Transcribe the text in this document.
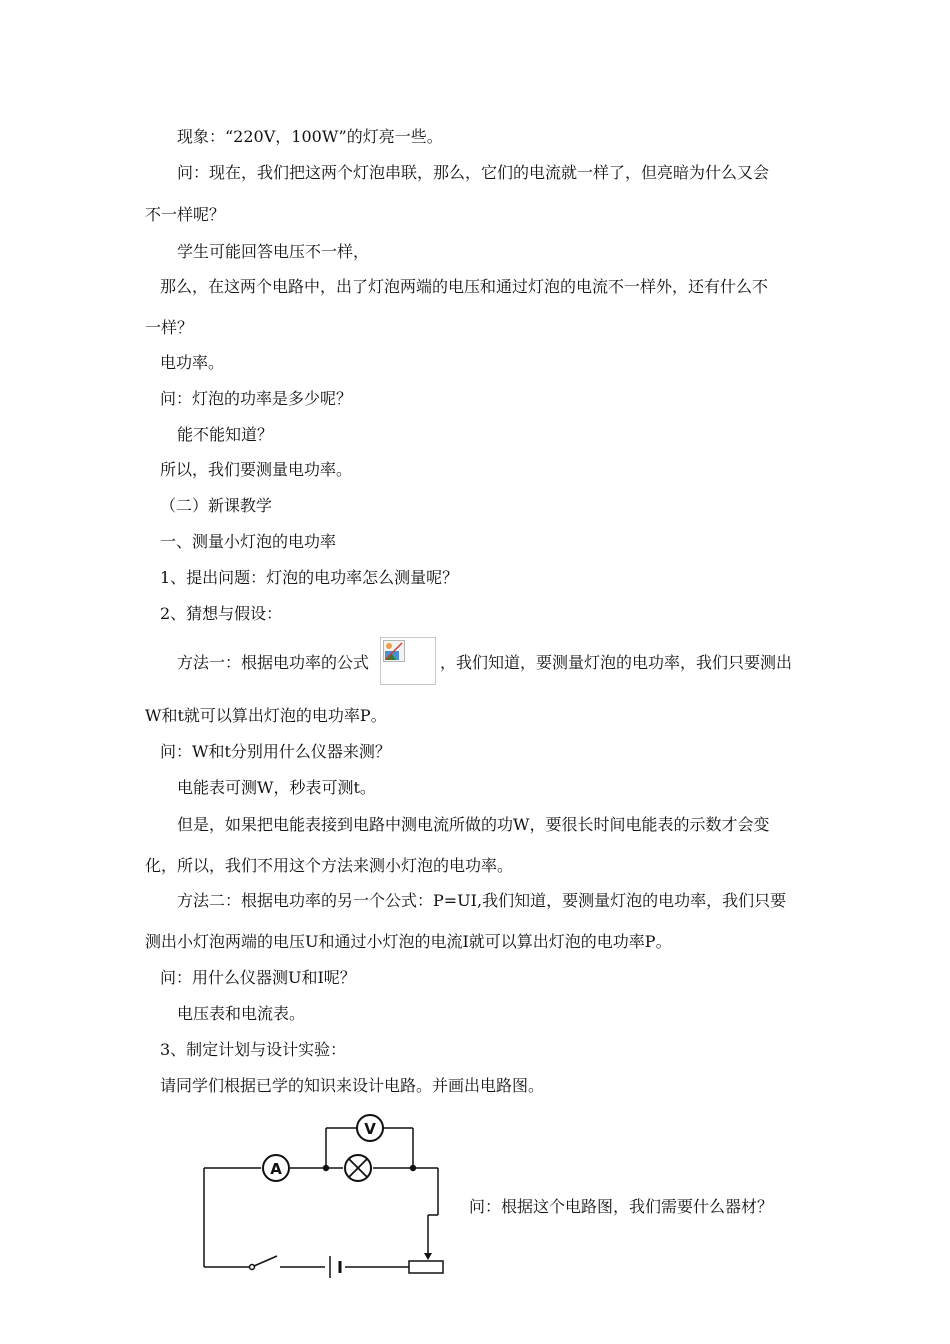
现象：“220V，100W”的灯亮一些。
问：现在，我们把这两个灯泡串联，那么，它们的电流就一样了，但亮暗为什么又会
不一样呢？
学生可能回答电压不一样，
那么，在这两个电路中，出了灯泡两端的电压和通过灯泡的电流不一样外，还有什么不
一样？
电功率。
问：灯泡的功率是多少呢？
能不能知道？
所以，我们要测量电功率。
（二）新课教学
一、测量小灯泡的电功率
1、提出问题：灯泡的电功率怎么测量呢？
2、猜想与假设：
方法一：根据电功率的公式	，我们知道，要测量灯泡的电功率，我们只要测出
W和t就可以算出灯泡的电功率P。
问：W和t分别用什么仪器来测？
电能表可测W，秒表可测t。
但是，如果把电能表接到电路中测电流所做的功W，要很长时间电能表的示数才会变
化，所以，我们不用这个方法来测小灯泡的电功率。
方法二：根据电功率的另一个公式：P=UI,我们知道，要测量灯泡的电功率，我们只要
测出小灯泡两端的电压U和通过小灯泡的电流I就可以算出灯泡的电功率P。
问：用什么仪器测U和I呢？
电压表和电流表。
3、制定计划与设计实验：
请同学们根据已学的知识来设计电路。并画出电路图。
A
V
问：根据这个电路图，我们需要什么器材？
